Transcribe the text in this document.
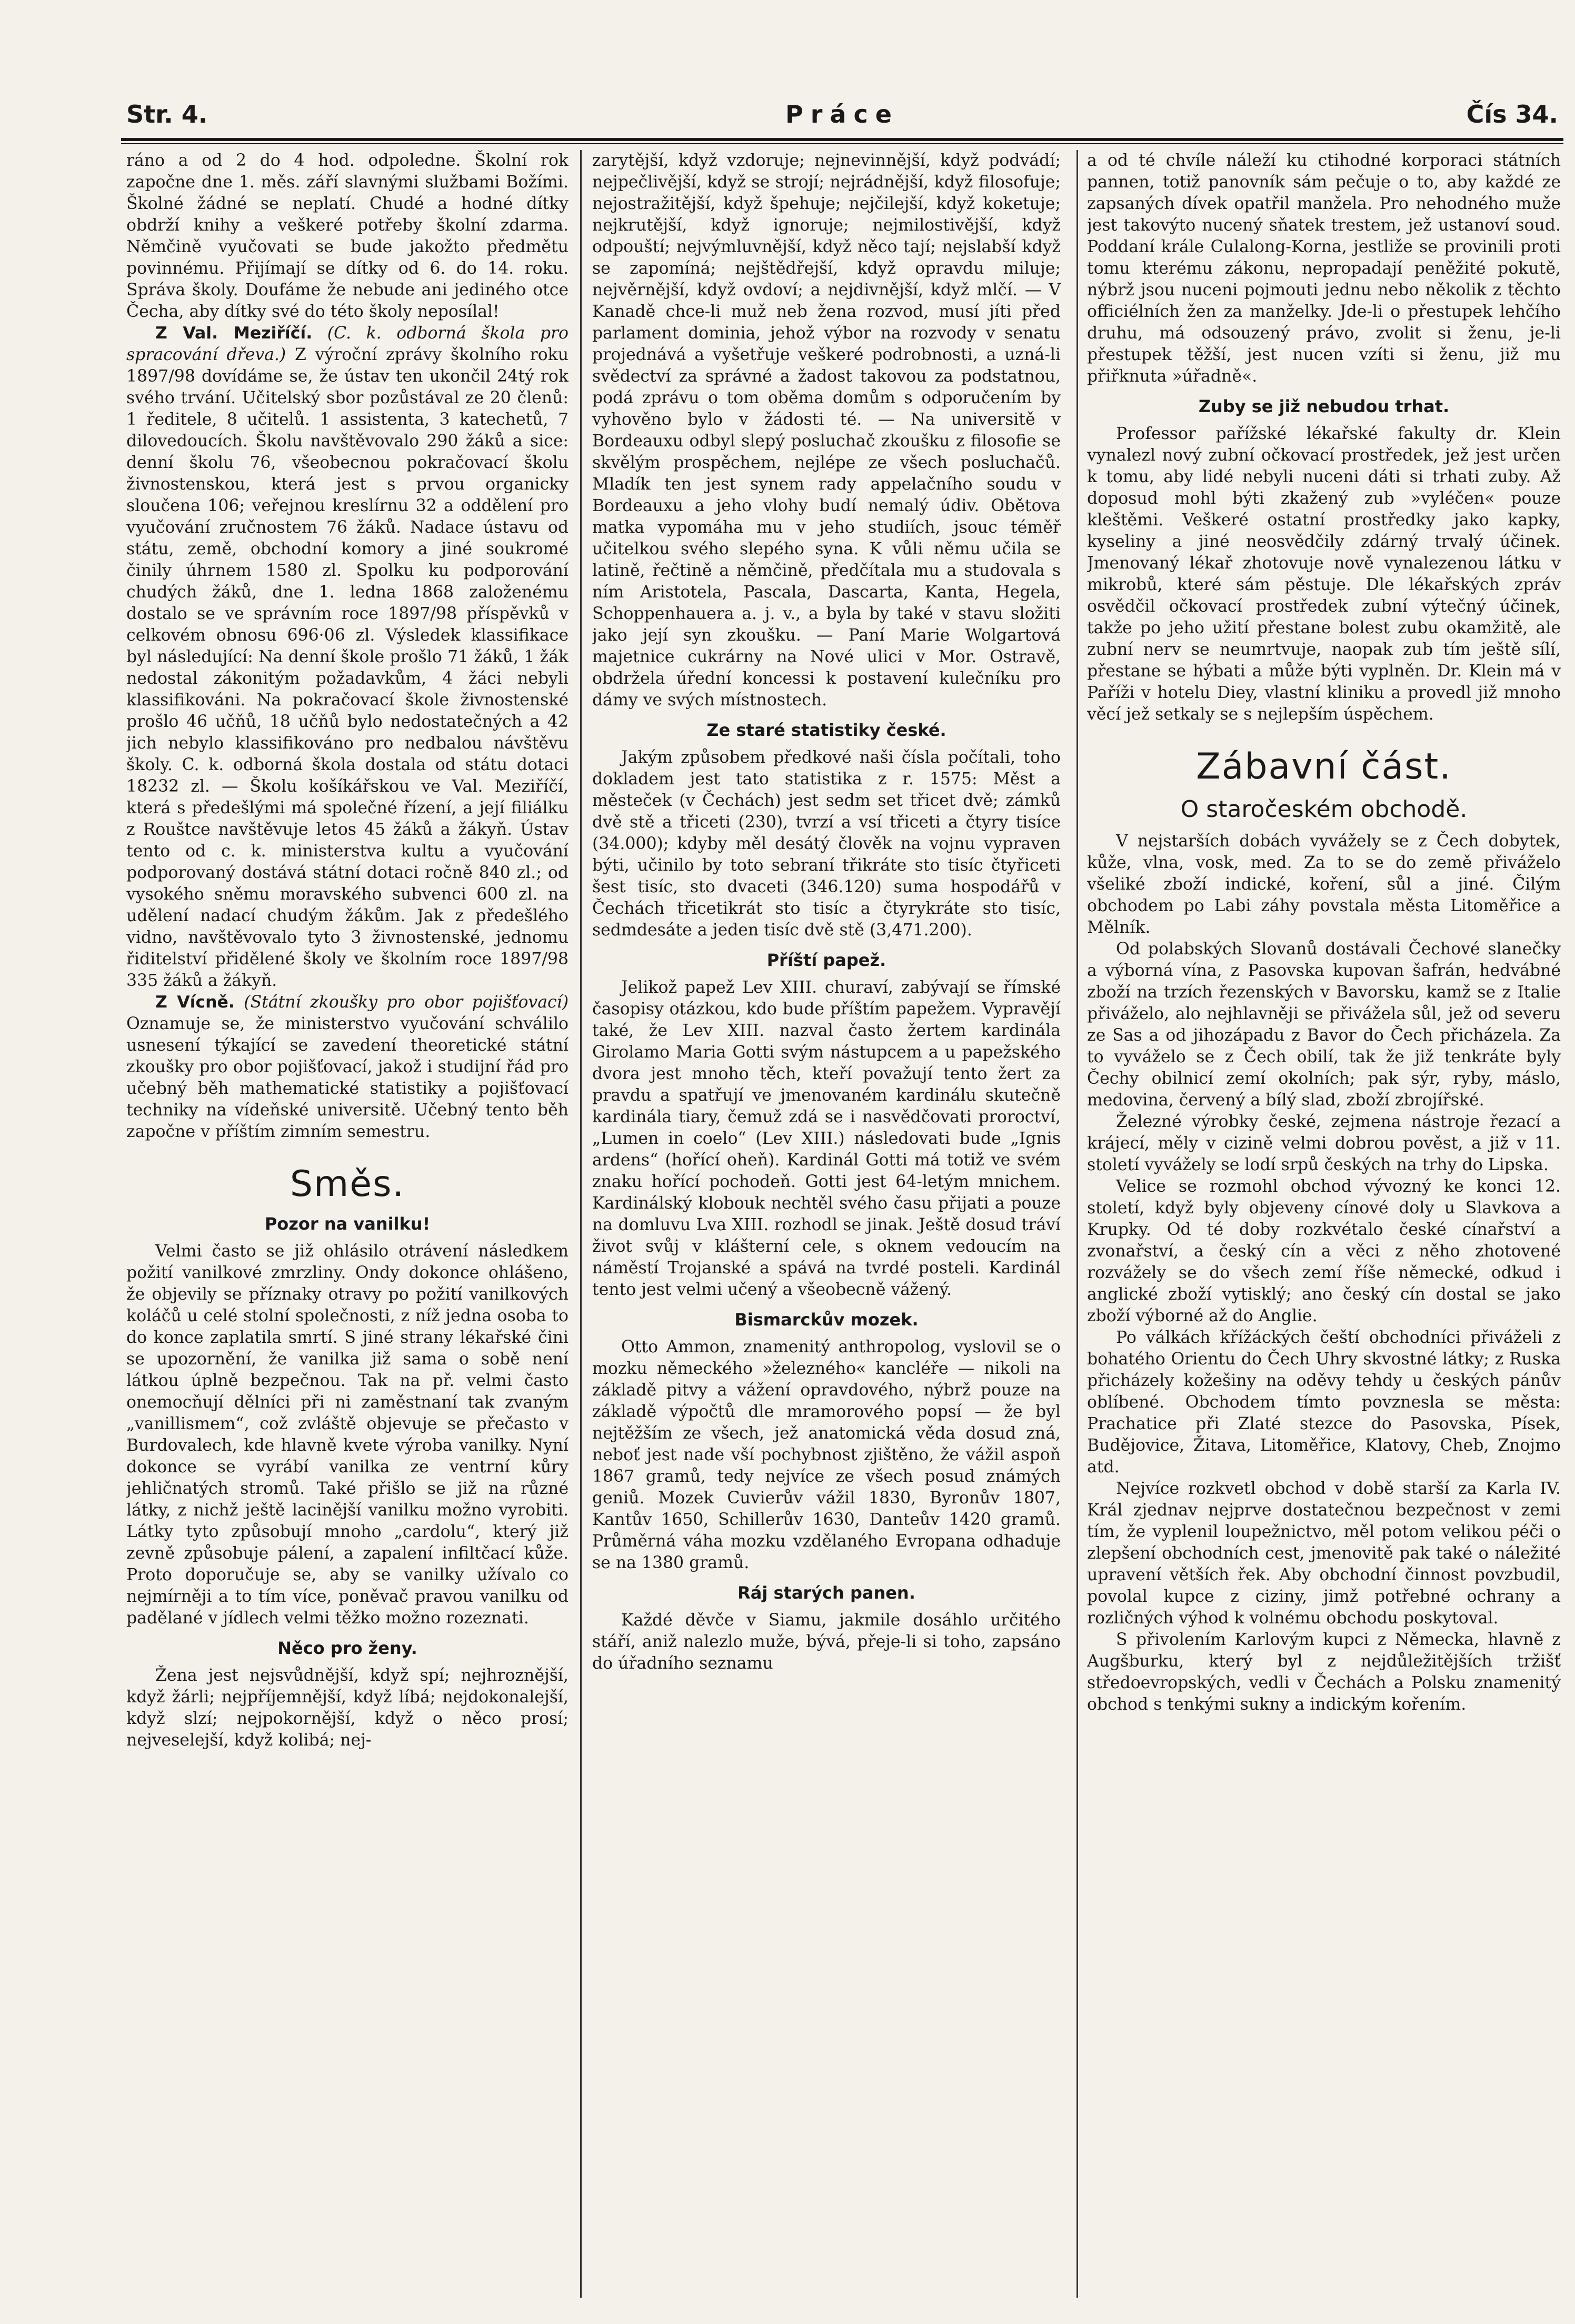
Str. 4.	Práce	Čís 34.

ráno a od 2 do 4 hod. odpoledne. Školní rok započne dne 1. měs. září slavnými službami Božími. Školné žádné se neplatí. Chudé a hodné dítky obdrží knihy a veškeré potřeby školní zdarma. Němčině vyučovati se bude jakožto předmětu povinnému. Přijímají se dítky od 6. do 14. roku. Správa školy. Doufáme že nebude ani jediného otce Čecha, aby dítky své do této školy neposílal!

Z Val. Meziříčí. (C. k. odborná škola pro spracování dřeva.) Z výroční zprávy školního roku 1897/98 dovídáme se, že ústav ten ukončil 24tý rok svého trvání. Učitelský sbor pozůstával ze 20 členů: 1 ředitele, 8 učitelů. 1 assistenta, 3 katechetů, 7 dilovedoucích. Školu navštěvovalo 290 žáků a sice: denní školu 76, všeobecnou pokračovací školu živnostenskou, která jest s prvou organicky sloučena 106; veřejnou kreslírnu 32 a oddělení pro vyučování zručnostem 76 žáků. Nadace ústavu od státu, země, obchodní komory a jiné soukromé činily úhrnem 1580 zl. Spolku ku podporování chudých žáků, dne 1. ledna 1868 založenému dostalo se ve správním roce 1897/98 příspěvků v celkovém obnosu 696·06 zl. Výsledek klassifikace byl následující: Na denní škole prošlo 71 žáků, 1 žák nedostal zákonitým požadavkům, 4 žáci nebyli klassifikováni. Na pokračovací škole živnostenské prošlo 46 učňů, 18 učňů bylo nedostatečných a 42 jich nebylo klassifikováno pro nedbalou návštěvu školy. C. k. odborná škola dostala od státu dotaci 18232 zl. — Školu košíkářskou ve Val. Meziříčí, která s předešlými má společné řízení, a její filiálku z Rouštce navštěvuje letos 45 žáků a žákyň. Ústav tento od c. k. ministerstva kultu a vyučování podporovaný dostává státní dotaci ročně 840 zl.; od vysokého sněmu moravského subvenci 600 zl. na udělení nadací chudým žákům. Jak z předešlého vidno, navštěvovalo tyto 3 živnostenské, jednomu řiditelství přidělené školy ve školním roce 1897/98 335 žáků a žákyň.

Z Vícně. (Státní zkoušky pro obor pojišťovací) Oznamuje se, že ministerstvo vyučování schválilo usnesení týkající se zavedení theoretické státní zkoušky pro obor pojišťovací, jakož i studijní řád pro učebný běh mathematické statistiky a pojišťovací techniky na vídeňské universitě. Učebný tento běh započne v příštím zimním semestru.

Směs.
Pozor na vanilku!

Velmi často se již ohlásilo otrávení následkem požití vanilkové zmrzliny. Ondy dokonce ohlášeno, že objevily se příznaky otravy po požití vanilkových koláčů u celé stolní společnosti, z níž jedna osoba to do konce zaplatila smrtí. S jiné strany lékařské čini se upozornění, že vanilka již sama o sobě není látkou úplně bezpečnou. Tak na př. velmi často onemocňují dělníci při ni zaměstnaní tak zvaným „vanillismem“, což zvláště objevuje se přečasto v Burdovalech, kde hlavně kvete výroba vanilky. Nyní dokonce se vyrábí vanilka ze ventrní kůry jehličnatých stromů. Také přišlo se již na různé látky, z nichž ještě lacinější vanilku možno vyrobiti. Látky tyto způsobují mnoho „cardolu“, který již zevně způsobuje pálení, a zapalení infiltčací kůže. Proto doporučuje se, aby se vanilky užívalo co nejmírněji a to tím více, poněvač pravou vanilku od padělané v jídlech velmi těžko možno rozeznati.

Něco pro ženy.

Žena jest nejsvůdnější, když spí; nejhroznější, když žárli; nejpříjemnější, když líbá; nejdokonalejší, když slzí; nejpokornější, když o něco prosí; nejveselejší, když kolibá; nej-

zarytější, když vzdoruje; nejnevinnější, když podvádí; nejpečlivější, když se strojí; nejrádnější, když filosofuje; nejostražitější, když špehuje; nejčilejší, když koketuje; nejkrutější, když ignoruje; nejmilostivější, když odpouští; nejvýmluvnější, když něco tají; nejslabší když se zapomíná; nejštědřejší, když opravdu miluje; nejvěrnější, když ovdoví; a nejdivnější, když mlčí. — V Kanadě chce-li muž neb žena rozvod, musí jíti před parlament dominia, jehož výbor na rozvody v senatu projednává a vyšetřuje veškeré podrobnosti, a uzná-li svědectví za správné a žadost takovou za podstatnou, podá zprávu o tom oběma domům s odporučením by vyhověno bylo v žádosti té. — Na universitě v Bordeauxu odbyl slepý posluchač zkoušku z filosofie se skvělým prospěchem, nejlépe ze všech posluchačů. Mladík ten jest synem rady appelačního soudu v Bordeauxu a jeho vlohy budí nemalý údiv. Obětova matka vypomáha mu v jeho studiích, jsouc téměř učitelkou svého slepého syna. K vůli němu učila se latině, řečtině a němčině, předčítala mu a studovala s ním Aristotela, Pascala, Dascarta, Kanta, Hegela, Schoppenhauera a. j. v., a byla by také v stavu složiti jako její syn zkoušku. — Paní Marie Wolgartová majetnice cukrárny na Nové ulici v Mor. Ostravě, obdržela úřední koncessi k postavení kulečníku pro dámy ve svých místnostech.

Ze staré statistiky české.

Jakým způsobem předkové naši čísla počítali, toho dokladem jest tato statistika z r. 1575: Měst a městeček (v Čechách) jest sedm set třicet dvě; zámků dvě stě a třiceti (230), tvrzí a vsí třiceti a čtyry tisíce (34.000); kdyby měl desátý člověk na vojnu vypraven býti, učinilo by toto sebraní třikráte sto tisíc čtyřiceti šest tisíc, sto dvaceti (346.120) suma hospodářů v Čechách třicetikrát sto tisíc a čtyrykráte sto tisíc, sedmdesáte a jeden tisíc dvě stě (3,471.200).

Příští papež.

Jelikož papež Lev XIII. churaví, zabývají se římské časopisy otázkou, kdo bude příštím papežem. Vypravějí také, že Lev XIII. nazval často žertem kardinála Girolamo Maria Gotti svým nástupcem a u papežského dvora jest mnoho těch, kteří považují tento žert za pravdu a spatřují ve jmenovaném kardinálu skutečně kardinála tiary, čemuž zdá se i nasvědčovati proroctví, „Lumen in coelo“ (Lev XIII.) následovati bude „Ignis ardens“ (hořící oheň). Kardinál Gotti má totiž ve svém znaku hořící pochodeň. Gotti jest 64-letým mnichem. Kardinálský klobouk nechtěl svého času přijati a pouze na domluvu Lva XIII. rozhodl se jinak. Ještě dosud tráví život svůj v klášterní cele, s oknem vedoucím na náměstí Trojanské a spává na tvrdé posteli. Kardinál tento jest velmi učený a všeobecně vážený.

Bismarckův mozek.

Otto Ammon, znamenitý anthropolog, vyslovil se o mozku německého »železného« kancléře — nikoli na základě pitvy a vážení opravdového, nýbrž pouze na základě výpočtů dle mramorového popsí — že byl nejtěžším ze všech, jež anatomická věda dosud zná, neboť jest nade vší pochybnost zjištěno, že vážil aspoň 1867 gramů, tedy nejvíce ze všech posud známých geniů. Mozek Cuvierův vážil 1830, Byronův 1807, Kantův 1650, Schillerův 1630, Dantеův 1420 gramů. Průměrná váha mozku vzdělaného Evropana odhaduje se na 1380 gramů.

Ráj starých panen.

Každé děvče v Siamu, jakmile dosáhlo určitého stáří, aniž nalezlo muže, bývá, přeje-li si toho, zapsáno do úřadního seznamu

a od té chvíle náleží ku ctihodné korporaci státních pannen, totiž panovník sám pečuje o to, aby každé ze zapsaných dívek opatřil manžela. Pro nehodného muže jest takovýto nucený sňatek trestem, jež ustanoví soud. Poddaní krále Culalong-Korna, jestliže se provinili proti tomu kterému zákonu, nepropadají peněžité pokutě, nýbrž jsou nuceni pojmouti jednu nebo několik z těchto officiélních žen za manželky. Jde-li o přestupek lehčího druhu, má odsouzený právo, zvolit si ženu, je-li přestupek těžší, jest nucen vzíti si ženu, již mu přiřknuta »úřadně«.

Zuby se již nebudou trhat.

Professor pařížské lékařské fakulty dr. Klein vynalezl nový zubní očkovací prostředek, jež jest určen k tomu, aby lidé nebyli nuceni dáti si trhati zuby. Až doposud mohl býti zkažený zub »vyléčen« pouze kleštěmi. Veškeré ostatní prostředky jako kapky, kyseliny a jiné neosvědčily zdárný trvalý účinek. Jmenovaný lékař zhotovuje nově vynalezenou látku v mikrobů, které sám pěstuje. Dle lékařských zpráv osvědčil očkovací prostředek zubní výtečný účinek, takže po jeho užití přestane bolest zubu okamžitě, ale zubní nerv se neumrtvuje, naopak zub tím ještě sílí, přestane se hýbati a může býti vyplněn. Dr. Klein má v Paříži v hotelu Diey, vlastní kliniku a provedl již mnoho věcí jež setkaly se s nejlepším úspěchem.

Zábavní část.
O staročeském obchodě.

V nejstarších dobách vyvážely se z Čech dobytek, kůže, vlna, vosk, med. Za to se do země přiváželo všeliké zboží indické, koření, sůl a jiné. Čilým obchodem po Labi záhy povstala města Litoměřice a Mělník.

Od polabských Slovanů dostávali Čechové slanečky a výborná vína, z Pasovska kupovan šafrán, hedvábné zboží na trzích řezenských v Bavorsku, kamž se z Italie přiváželo, alo nejhlavněji se přivážela sůl, jež od severu ze Sas a od jihozápadu z Bavor do Čech přicházela. Za to vyváželo se z Čech obilí, tak že již tenkráte byly Čechy obilnicí zemí okolních; pak sýr, ryby, máslo, medovina, červený a bílý slad, zboží zbrojířské.

Železné výrobky české, zejmena nástroje řezací a krájecí, měly v cizině velmi dobrou pověst, a již v 11. století vyvážely se lodí srpů českých na trhy do Lipska.

Velice se rozmohl obchod vývozný ke konci 12. století, když byly objeveny cínové doly u Slavkova a Krupky. Od té doby rozkvétalo české cínařství a zvonařství, a český cín a věci z něho zhotovené rozvážely se do všech zemí říše německé, odkud i anglické zboží vytisklý; ano český cín dostal se jako zboží výborné až do Anglie.

Po válkách křížáckých čeští obchodníci přiváželi z bohatého Orientu do Čech Uhry skvostné látky; z Ruska přicházely kožešiny na oděvy tehdy u českých pánův oblíbené. Obchodem tímto povznesla se města: Prachatice při Zlaté stezce do Pasovska, Písek, Budějovice, Žitava, Litoměřice, Klatovy, Cheb, Znojmo atd.

Nejvíce rozkvetl obchod v době starší za Karla IV. Král zjednav nejprve dostatečnou bezpečnost v zemi tím, že vyplenil loupežnictvo, měl potom velikou péči o zlepšení obchodních cest, jmenovitě pak také o náležité upravení větších řek. Aby obchodní činnost povzbudil, povolal kupce z ciziny, jimž potřebné ochrany a rozličných výhod k volnému obchodu poskytoval.

S přivolením Karlovým kupci z Německa, hlavně z Augšburku, který byl z nejdůležitějších tržišť středoevropských, vedli v Čechách a Polsku znamenitý obchod s tenkými sukny a indickým kořením.
